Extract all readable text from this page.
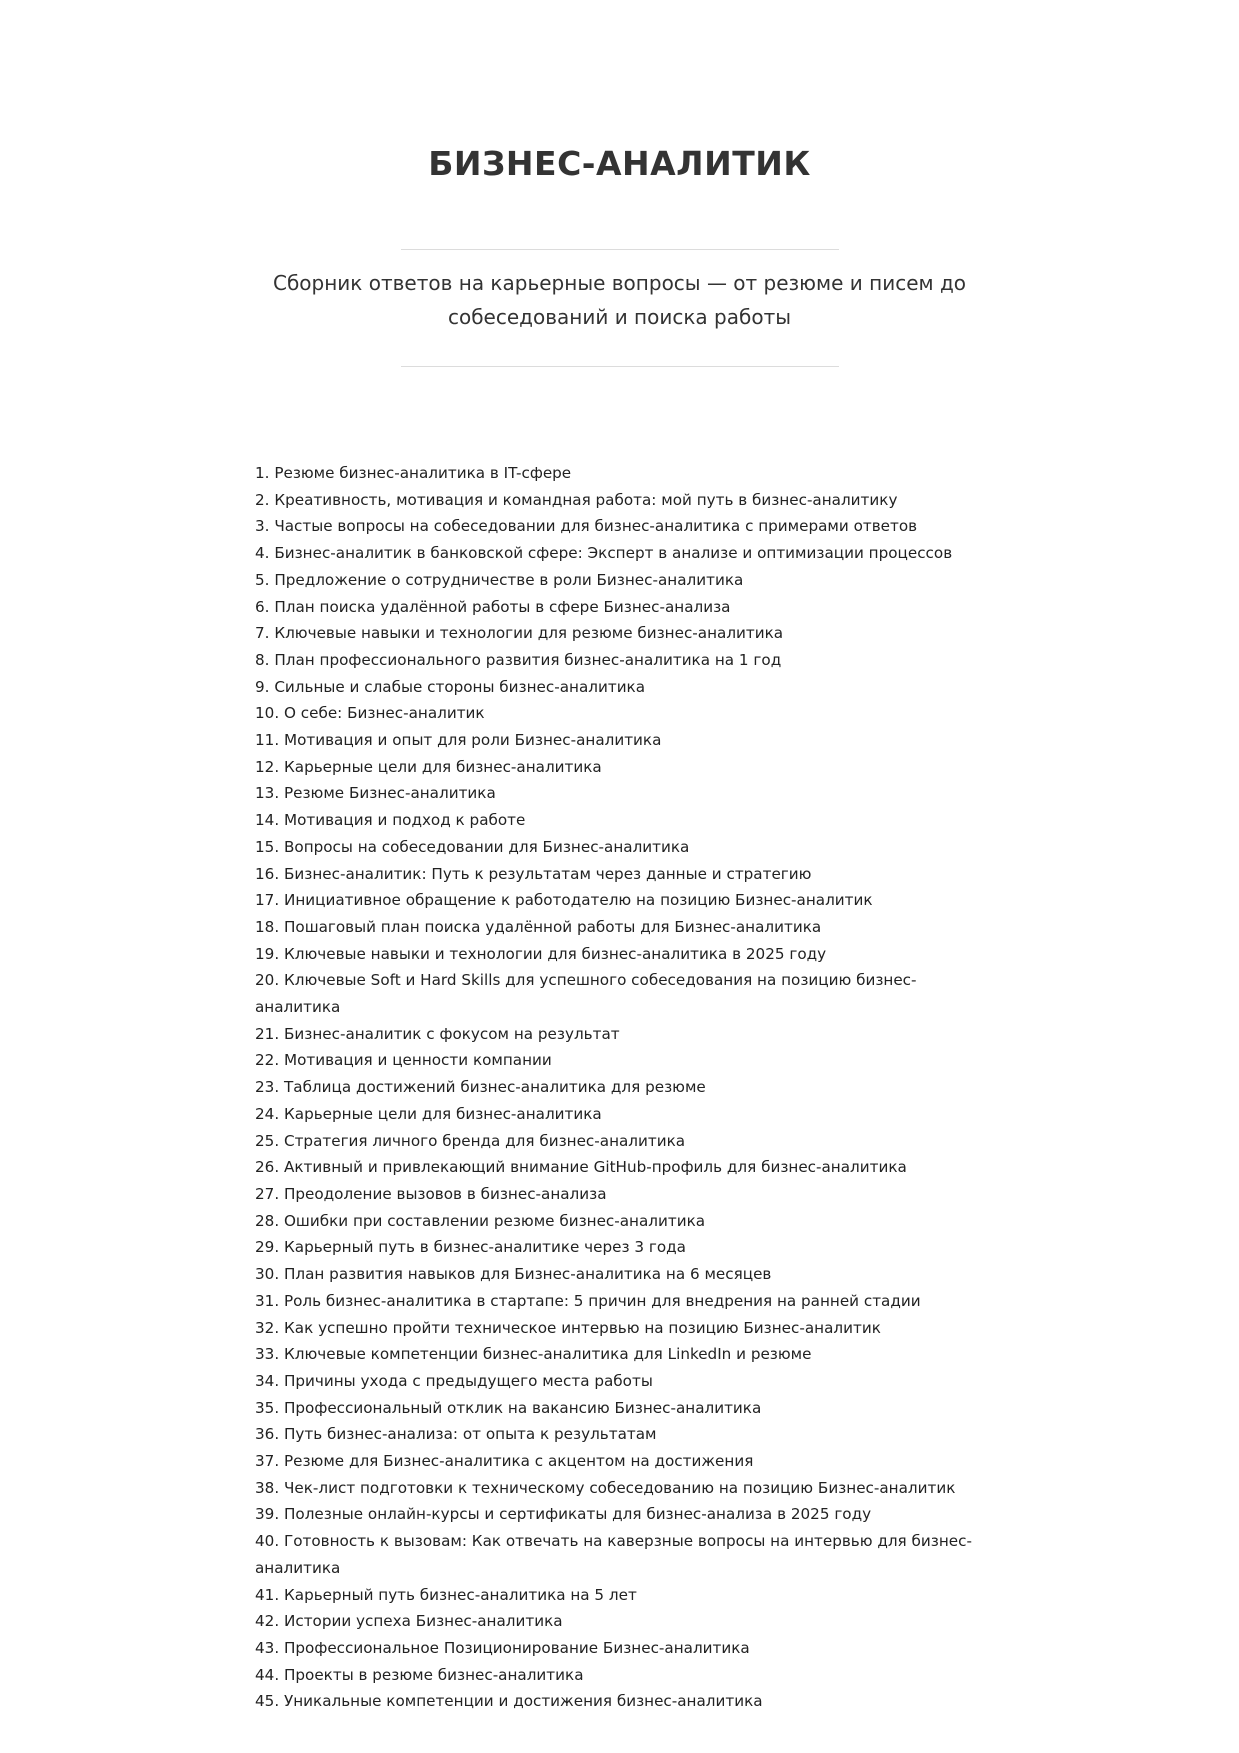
БИЗНЕС-АНАЛИТИК

Сборник ответов на карьерные вопросы — от резюме и писем до собеседований и поиска работы

1. Резюме бизнес-аналитика в IT-сфере
2. Креативность, мотивация и командная работа: мой путь в бизнес-аналитику
3. Частые вопросы на собеседовании для бизнес-аналитика с примерами ответов
4. Бизнес-аналитик в банковской сфере: Эксперт в анализе и оптимизации процессов
5. Предложение о сотрудничестве в роли Бизнес-аналитика
6. План поиска удалённой работы в сфере Бизнес-анализа
7. Ключевые навыки и технологии для резюме бизнес-аналитика
8. План профессионального развития бизнес-аналитика на 1 год
9. Сильные и слабые стороны бизнес-аналитика
10. О себе: Бизнес-аналитик
11. Мотивация и опыт для роли Бизнес-аналитика
12. Карьерные цели для бизнес-аналитика
13. Резюме Бизнес-аналитика
14. Мотивация и подход к работе
15. Вопросы на собеседовании для Бизнес-аналитика
16. Бизнес-аналитик: Путь к результатам через данные и стратегию
17. Инициативное обращение к работодателю на позицию Бизнес-аналитик
18. Пошаговый план поиска удалённой работы для Бизнес-аналитика
19. Ключевые навыки и технологии для бизнес-аналитика в 2025 году
20. Ключевые Soft и Hard Skills для успешного собеседования на позицию бизнес-аналитика
21. Бизнес-аналитик с фокусом на результат
22. Мотивация и ценности компании
23. Таблица достижений бизнес-аналитика для резюме
24. Карьерные цели для бизнес-аналитика
25. Стратегия личного бренда для бизнес-аналитика
26. Активный и привлекающий внимание GitHub-профиль для бизнес-аналитика
27. Преодоление вызовов в бизнес-анализа
28. Ошибки при составлении резюме бизнес-аналитика
29. Карьерный путь в бизнес-аналитике через 3 года
30. План развития навыков для Бизнес-аналитика на 6 месяцев
31. Роль бизнес-аналитика в стартапе: 5 причин для внедрения на ранней стадии
32. Как успешно пройти техническое интервью на позицию Бизнес-аналитик
33. Ключевые компетенции бизнес-аналитика для LinkedIn и резюме
34. Причины ухода с предыдущего места работы
35. Профессиональный отклик на вакансию Бизнес-аналитика
36. Путь бизнес-анализа: от опыта к результатам
37. Резюме для Бизнес-аналитика с акцентом на достижения
38. Чек-лист подготовки к техническому собеседованию на позицию Бизнес-аналитик
39. Полезные онлайн-курсы и сертификаты для бизнес-анализа в 2025 году
40. Готовность к вызовам: Как отвечать на каверзные вопросы на интервью для бизнес-аналитика
41. Карьерный путь бизнес-аналитика на 5 лет
42. Истории успеха Бизнес-аналитика
43. Профессиональное Позиционирование Бизнес-аналитика
44. Проекты в резюме бизнес-аналитика
45. Уникальные компетенции и достижения бизнес-аналитика
